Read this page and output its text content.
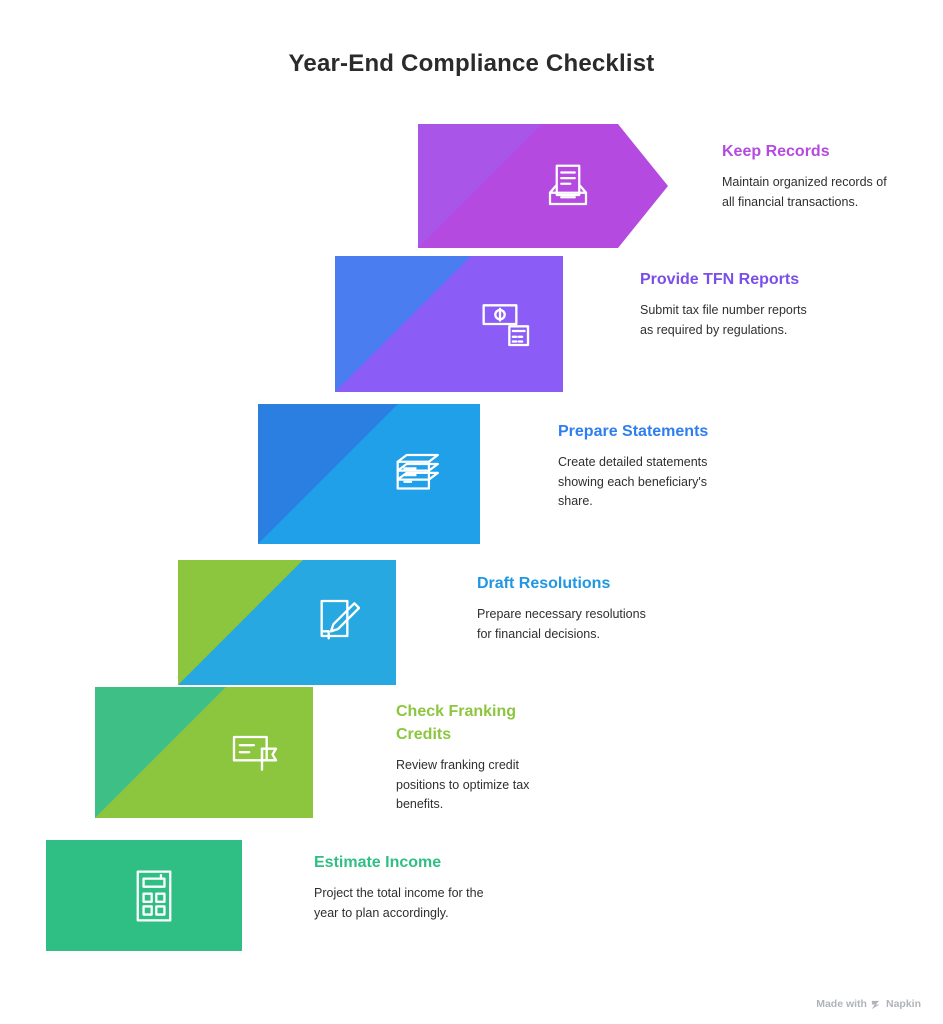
Year-End Compliance Checklist

Keep Records

Maintain organized records of all financial transactions.

Provide TFN Reports

Submit tax file number reports as required by regulations.

Prepare Statements

Create detailed statements showing each beneficiary's share.

Draft Resolutions

Prepare necessary resolutions for financial decisions.

Check Franking Credits

Review franking credit positions to optimize tax benefits.

Estimate Income

Project the total income for the year to plan accordingly.

Made with Napkin
